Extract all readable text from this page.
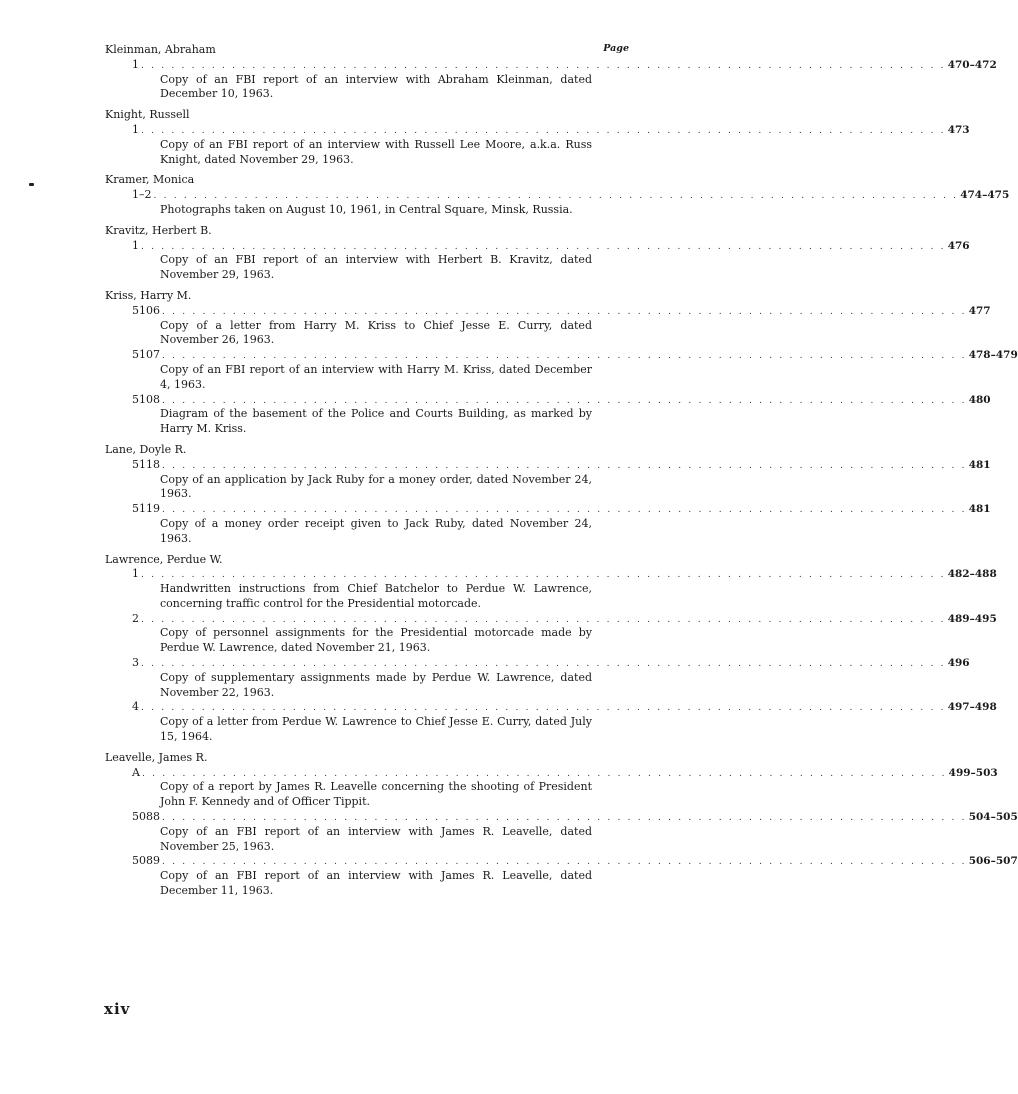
Page
Kleinman, Abraham
1 . . . . . . . . . . . . . . . . . . . . . . . . . . . . . . . . . . . . . . . . . . . . . . . . . . . . . . . . . . . . . . . . . . . . . . . . . . . . . . . . 470–472

Copy of an FBI report of an interview with Abraham Kleinman, dated December 10, 1963.

Knight, Russell
1 . . . . . . . . . . . . . . . . . . . . . . . . . . . . . . . . . . . . . . . . . . . . . . . . . . . . . . . . . . . . . . . . . . . . . . . . . . . . . . . . 473

Copy of an FBI report of an interview with Russell Lee Moore, a.k.a. Russ Knight, dated November 29, 1963.

Kramer, Monica
1–2 . . . . . . . . . . . . . . . . . . . . . . . . . . . . . . . . . . . . . . . . . . . . . . . . . . . . . . . . . . . . . . . . . . . . . . . . . . . . . . . . 474–475

Photographs taken on August 10, 1961, in Central Square, Minsk, Russia.

Kravitz, Herbert B.
1 . . . . . . . . . . . . . . . . . . . . . . . . . . . . . . . . . . . . . . . . . . . . . . . . . . . . . . . . . . . . . . . . . . . . . . . . . . . . . . . . 476

Copy of an FBI report of an interview with Herbert B. Kravitz, dated November 29, 1963.

Kriss, Harry M.
5106 . . . . . . . . . . . . . . . . . . . . . . . . . . . . . . . . . . . . . . . . . . . . . . . . . . . . . . . . . . . . . . . . . . . . . . . . . . . . . . . . 477

Copy of a letter from Harry M. Kriss to Chief Jesse E. Curry, dated November 26, 1963.

5107 . . . . . . . . . . . . . . . . . . . . . . . . . . . . . . . . . . . . . . . . . . . . . . . . . . . . . . . . . . . . . . . . . . . . . . . . . . . . . . . . 478–479

Copy of an FBI report of an interview with Harry M. Kriss, dated December 4, 1963.

5108 . . . . . . . . . . . . . . . . . . . . . . . . . . . . . . . . . . . . . . . . . . . . . . . . . . . . . . . . . . . . . . . . . . . . . . . . . . . . . . . . 480

Diagram of the basement of the Police and Courts Building, as marked by Harry M. Kriss.

Lane, Doyle R.
5118 . . . . . . . . . . . . . . . . . . . . . . . . . . . . . . . . . . . . . . . . . . . . . . . . . . . . . . . . . . . . . . . . . . . . . . . . . . . . . . . . 481

Copy of an application by Jack Ruby for a money order, dated November 24, 1963.

5119 . . . . . . . . . . . . . . . . . . . . . . . . . . . . . . . . . . . . . . . . . . . . . . . . . . . . . . . . . . . . . . . . . . . . . . . . . . . . . . . . 481

Copy of a money order receipt given to Jack Ruby, dated November 24, 1963.

Lawrence, Perdue W.
1 . . . . . . . . . . . . . . . . . . . . . . . . . . . . . . . . . . . . . . . . . . . . . . . . . . . . . . . . . . . . . . . . . . . . . . . . . . . . . . . . 482–488

Handwritten instructions from Chief Batchelor to Perdue W. Lawrence, concerning traffic control for the Presidential motorcade.

2 . . . . . . . . . . . . . . . . . . . . . . . . . . . . . . . . . . . . . . . . . . . . . . . . . . . . . . . . . . . . . . . . . . . . . . . . . . . . . . . . 489–495

Copy of personnel assignments for the Presidential motorcade made by Perdue W. Lawrence, dated November 21, 1963.

3 . . . . . . . . . . . . . . . . . . . . . . . . . . . . . . . . . . . . . . . . . . . . . . . . . . . . . . . . . . . . . . . . . . . . . . . . . . . . . . . . 496

Copy of supplementary assignments made by Perdue W. Lawrence, dated November 22, 1963.

4 . . . . . . . . . . . . . . . . . . . . . . . . . . . . . . . . . . . . . . . . . . . . . . . . . . . . . . . . . . . . . . . . . . . . . . . . . . . . . . . . 497–498

Copy of a letter from Perdue W. Lawrence to Chief Jesse E. Curry, dated July 15, 1964.

Leavelle, James R.
A . . . . . . . . . . . . . . . . . . . . . . . . . . . . . . . . . . . . . . . . . . . . . . . . . . . . . . . . . . . . . . . . . . . . . . . . . . . . . . . . 499–503

Copy of a report by James R. Leavelle concerning the shooting of President John F. Kennedy and of Officer Tippit.

5088 . . . . . . . . . . . . . . . . . . . . . . . . . . . . . . . . . . . . . . . . . . . . . . . . . . . . . . . . . . . . . . . . . . . . . . . . . . . . . . . . 504–505

Copy of an FBI report of an interview with James R. Leavelle, dated November 25, 1963.

5089 . . . . . . . . . . . . . . . . . . . . . . . . . . . . . . . . . . . . . . . . . . . . . . . . . . . . . . . . . . . . . . . . . . . . . . . . . . . . . . . . 506–507

Copy of an FBI report of an interview with James R. Leavelle, dated December 11, 1963.

xiv
